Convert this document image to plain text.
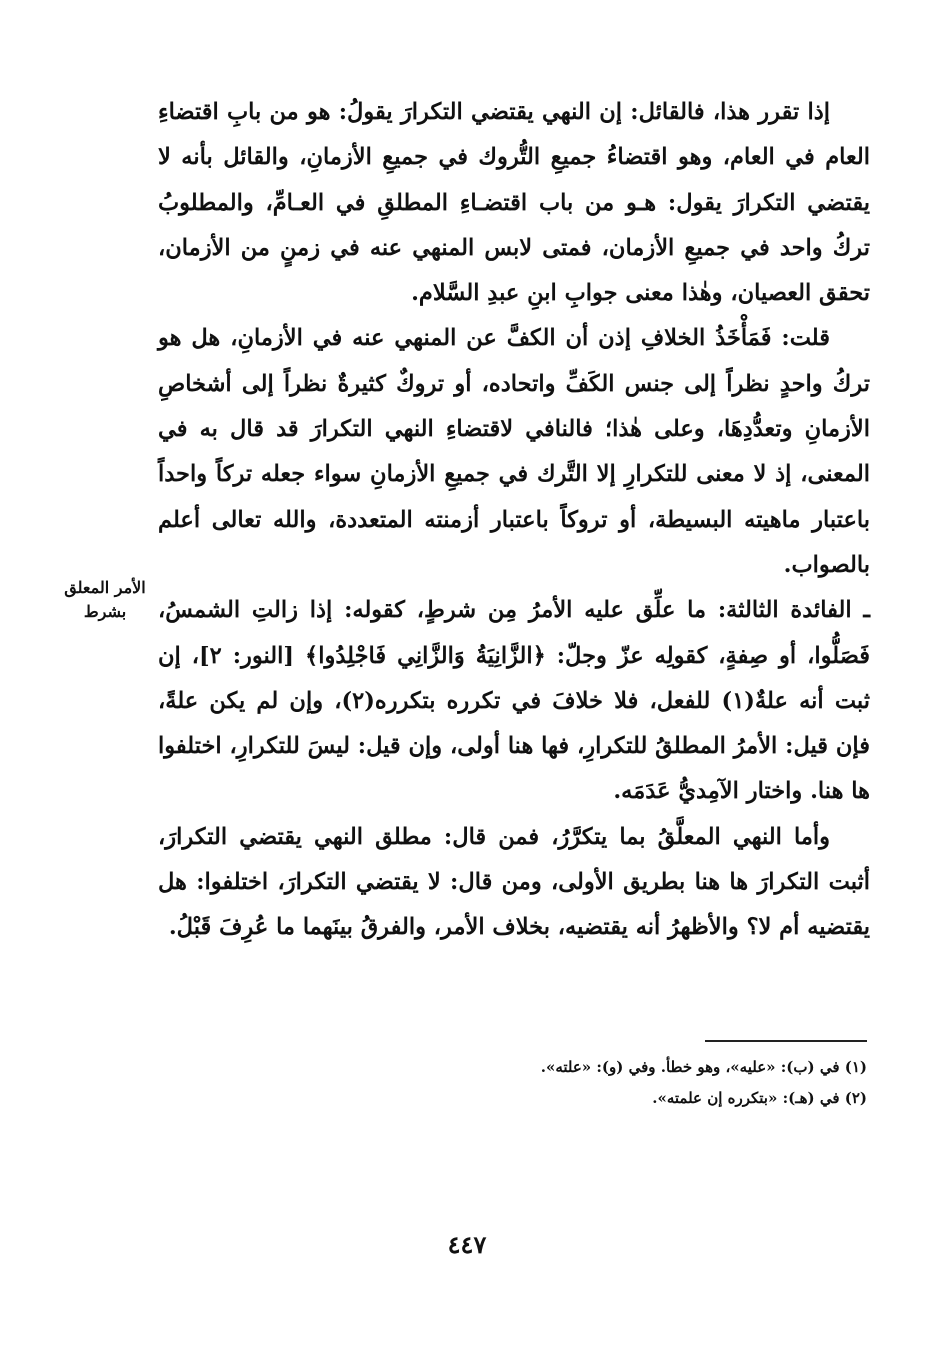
إذا تقرر هذا، فالقائل: إن النهي يقتضي التكرارَ يقولُ: هو من بابِ اقتضاءِ العام في العام، وهو اقتضاءُ جميعِ التُّروك في جميعِ الأزمانِ، والقائل بأنه لا يقتضي التكرارَ يقول: هـو من باب اقتضـاءِ المطلقِ في العـامِّ، والمطلوبُ تركُ واحد في جميعِ الأزمان، فمتى لابس المنهي عنه في زمنٍ من الأزمان، تحقق العصيان، وهٰذا معنى جوابِ ابنِ عبدِ السَّلام.

قلت: فَمَأْخَذُ الخلافِ إذن أن الكفَّ عن المنهي عنه في الأزمانِ، هل هو تركُ واحدٍ نظراً إلى جنس الكَفِّ واتحاده، أو تروكٌ كثيرةٌ نظراً إلى أشخاصِ الأزمانِ وتعدُّدِهَا، وعلى هٰذا؛ فالنافي لاقتضاءِ النهي التكرارَ قد قال به في المعنى، إذ لا معنى للتكرارِ إلا التَّرك في جميعِ الأزمانِ سواء جعله تركاً واحداً باعتبار ماهيته البسيطة، أو تروكاً باعتبار أزمنته المتعددة، والله تعالى أعلم بالصواب.

ـ الفائدة الثالثة: ما علِّق عليه الأمرُ مِن شرطٍ، كقوله: إذا زالتِ الشمسُ، فَصَلُّوا، أو صِفةٍ، كقولِه عزّ وجلّ: ﴿الزَّانِيَةُ وَالزَّانِي فَاجْلِدُوا﴾ [النور: ٢]، إن ثبت أنه علةٌ(١) للفعل، فلا خلافَ في تكرره بتكرره(٢)، وإن لم يكن علةً، فإن قيل: الأمرُ المطلقُ للتكرارِ، فها هنا أولى، وإن قيل: ليسَ للتكرارِ، اختلفوا ها هنا. واختار الآمِديُّ عَدَمَه.

وأما النهي المعلَّقُ بما يتكرَّرُ، فمن قال: مطلق النهي يقتضي التكرارَ، أثبت التكرارَ ها هنا بطريق الأولى، ومن قال: لا يقتضي التكرارَ، اختلفوا: هل يقتضيه أم لا؟ والأظهرُ أنه يقتضيه، بخلاف الأمر، والفرقُ بينَهما ما عُرِفَ قَبْلُ.

الأمر المعلق بشرط
(١) في (ب): «عليه»، وهو خطأ. وفي (و): «علته».
(٢) في (هـ): «بتكرره إن علمته».
٤٤٧
